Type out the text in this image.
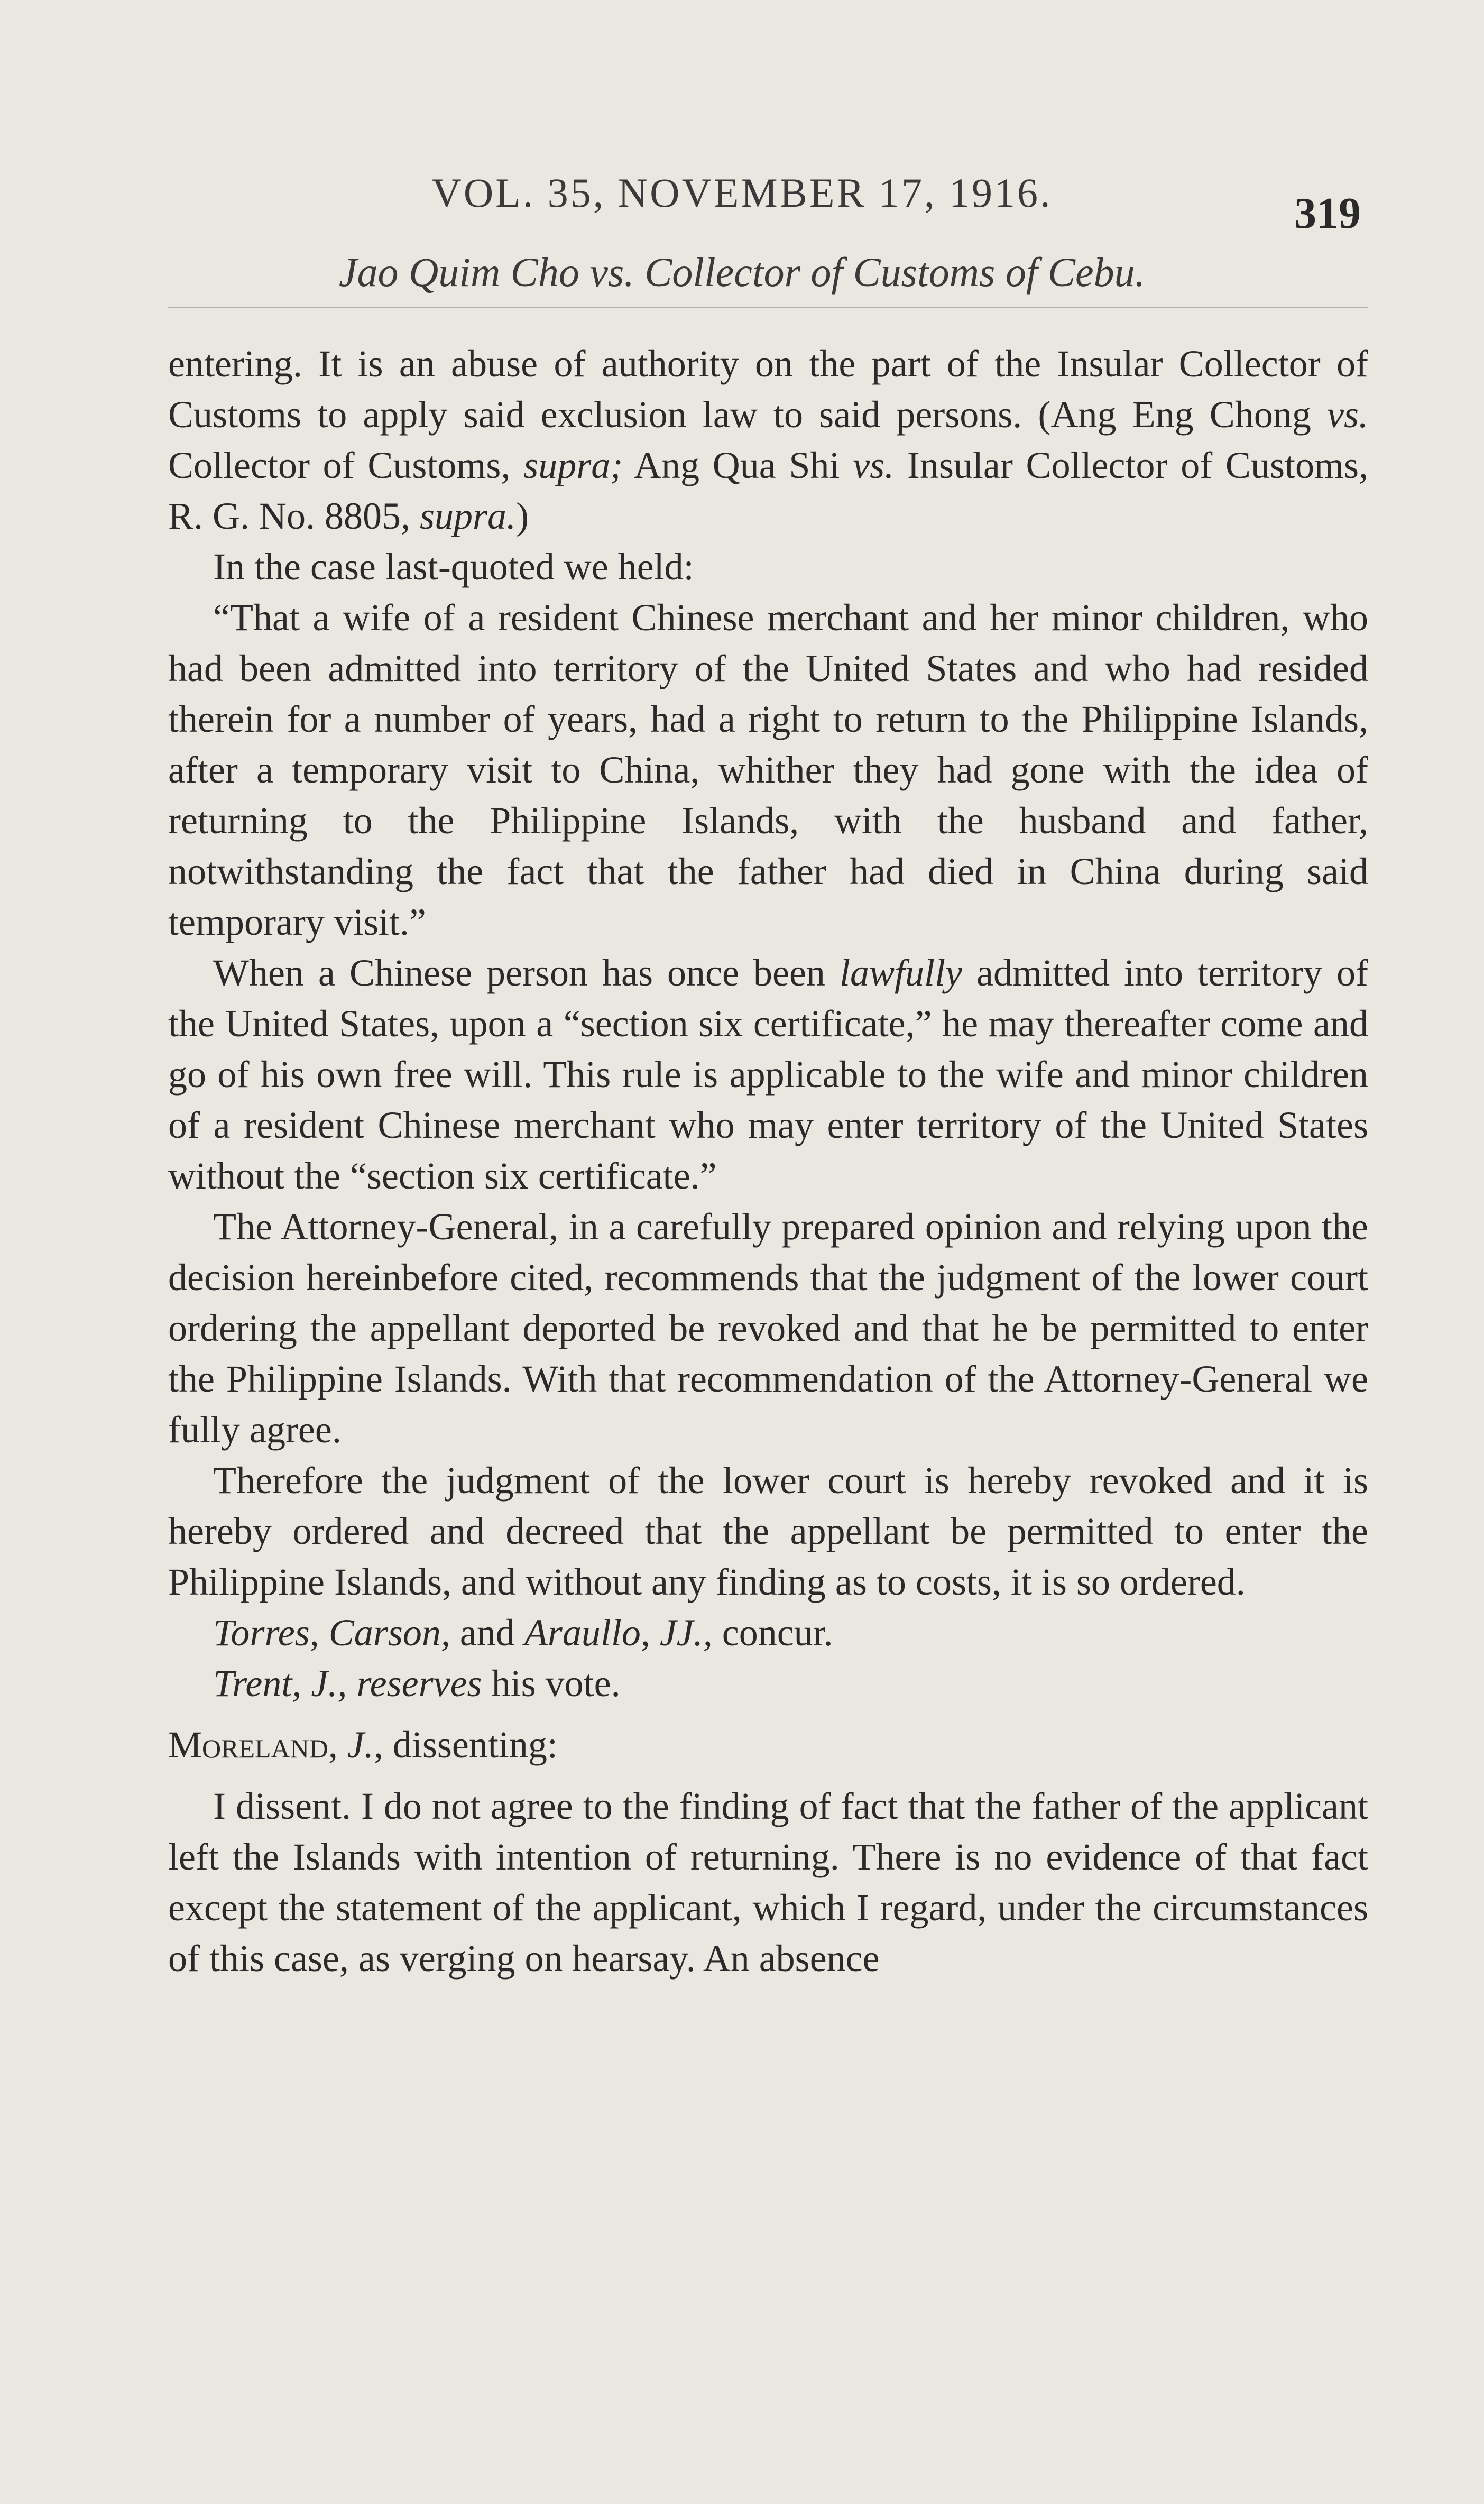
VOL. 35, NOVEMBER 17, 1916.	319
Jao Quim Cho vs. Collector of Customs of Cebu.

entering. It is an abuse of authority on the part of the Insular Collector of Customs to apply said exclusion law to said persons. (Ang Eng Chong vs. Collector of Customs, supra; Ang Qua Shi vs. Insular Collector of Customs, R. G. No. 8805, supra.)

In the case last-quoted we held:

“That a wife of a resident Chinese merchant and her minor children, who had been admitted into territory of the United States and who had resided therein for a number of years, had a right to return to the Philippine Islands, after a temporary visit to China, whither they had gone with the idea of returning to the Philippine Islands, with the husband and father, notwithstanding the fact that the father had died in China during said temporary visit.”

When a Chinese person has once been lawfully admitted into territory of the United States, upon a “section six certificate,” he may thereafter come and go of his own free will. This rule is applicable to the wife and minor children of a resident Chinese merchant who may enter territory of the United States without the “section six certificate.”

The Attorney-General, in a carefully prepared opinion and relying upon the decision hereinbefore cited, recommends that the judgment of the lower court ordering the appellant deported be revoked and that he be permitted to enter the Philippine Islands. With that recommendation of the Attorney-General we fully agree.

Therefore the judgment of the lower court is hereby revoked and it is hereby ordered and decreed that the appellant be permitted to enter the Philippine Islands, and without any finding as to costs, it is so ordered.

Torres, Carson, and Araullo, JJ., concur.

Trent, J., reserves his vote.

Moreland, J., dissenting:

I dissent. I do not agree to the finding of fact that the father of the applicant left the Islands with intention of returning. There is no evidence of that fact except the statement of the applicant, which I regard, under the circumstances of this case, as verging on hearsay. An absence
